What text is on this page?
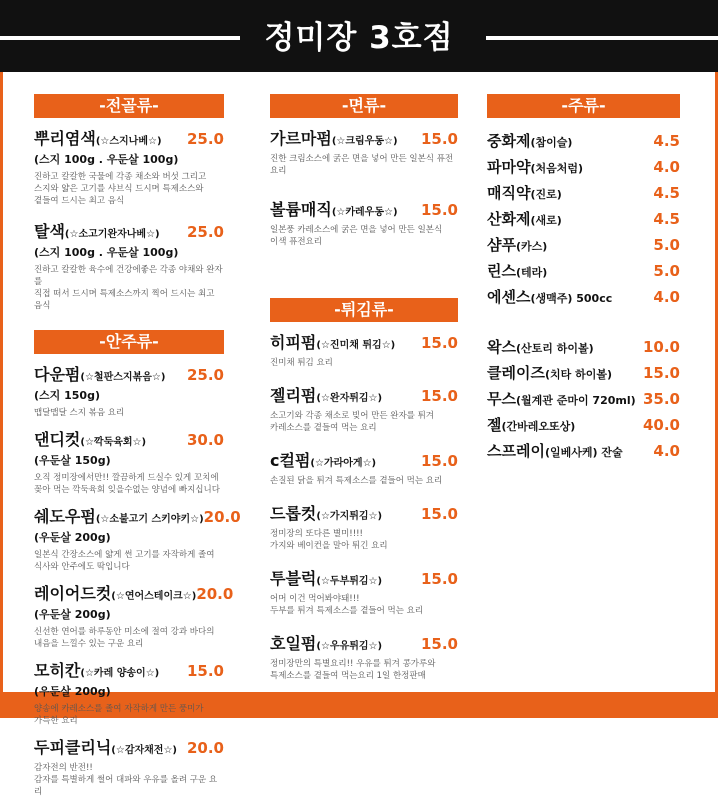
정미장 3호점
-전골류-
뿌리염색(☆스지나베☆) 25.0
(스지 100g . 우둔살 100g)
진하고 칼칼한 국물에 각종 채소와 버섯 그리고
스지와 얇은 고기를 샤브식 드시며 특제소스와
곁들여 드시는 최고 음식
탈색(☆소고기완자나베☆) 25.0
(스지 100g . 우둔살 100g)
진하고 칼칼한 육수에 건강에좋은 각종 야채와 완자를
직접 떠서 드시며 특제소스까지 찍어 드시는 최고 음식
-안주류-
다운펌(☆철판스지볶음☆) 25.0
(스지 150g)
맵달맵달 스지 볶음 요리
댄디컷(☆깍둑육회☆)	30.0
(우둔살 150g)
오직 정미장에서만!! 깔끔하게 드실수 있게 꼬치에
꽂아 먹는 깍둑육회 잊을수없는 양념에 빠지십니다
쉐도우펌(☆소불고기 스키야키☆) 20.0
(우둔살 200g)
일본식 간장소스에 얇게 썬 고기를 자작하게 졸여
식사와 안주에도 딱입니다
레이어드컷(☆연어스테이크☆) 20.0
(우둔살 200g)
신선한 연어를 하루동안 미소에 절여 강과 바다의
내음을 느낄수 있는 구운 요리
모히칸(☆카레 양송이☆) 15.0
(우둔살 200g)
양송에 카레소스를 졸여 자작하게 만든 풍미가
가득한 요리
두피클리닉(☆감자채전☆) 20.0
감자전의 반전!!
감자를 특별하게 썰어 대파와 우유를 올려 구운 요리
-면류-
가르마펌(☆크림우동☆) 15.0
진한 크림소스에 굵은 면을 넣어 만든 일본식 퓨전요리
볼륨매직(☆카레우동☆) 15.0
일본풍 카레소스에 굵은 면을 넣어 만든 일본식
이색 퓨전요리
-튀김류-
히피펌(☆진미채 튀김☆) 15.0
진미채 튀김 요리
젤리펌(☆완자튀김☆)	15.0
소고기와 각종 채소로 빚어 만든 완자를 튀겨
카레소스를 곁들여 먹는 요리
c컬펌(☆가라아게☆)	15.0
손질된 닭을 튀겨 특제소스를 곁들어 먹는 요리
드롭컷(☆가지튀김☆)	15.0
정미장의 또다른 별미!!!!
가지와 베이컨을 말아 튀긴 요리
투블럭(☆두부튀김☆)	15.0
어머 이건 먹어봐야돼!!!
두부를 튀겨 특제소스를 곁들어 먹는 요리
호일펌(☆우유튀김☆)	15.0
정미장만의 특별요리!! 우유를 튀겨 콩가루와
특제소스를 곁들여 먹는요리 1일 한정판매
-주류-
중화제(참이슬)	4.5
파마약(처음처럼)	4.0
매직약(진로)	4.5
산화제(새로)	4.5
샴푸(카스)	5.0
린스(테라)	5.0
에센스(생맥주) 500cc	4.0
왁스(산토리 하이볼)	10.0
클레이즈(치타 하이볼) 15.0
무스(월계관 준마이 720ml) 35.0
젤(간바레오또상)	40.0
스프레이(일베사케) 잔술 4.0
